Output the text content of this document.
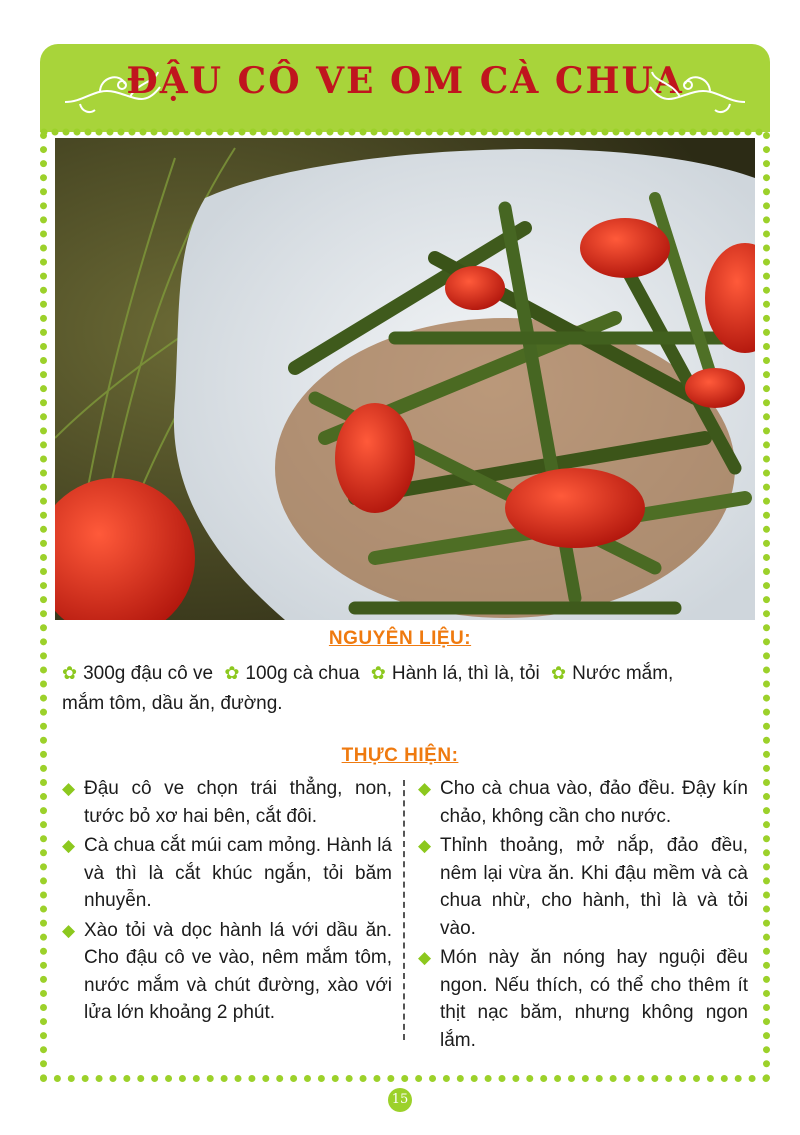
ĐẬU CÔ VE OM CÀ CHUA
NGUYÊN LIỆU:
✿ 300g đậu cô ve ✿ 100g cà chua ✿ Hành lá, thì là, tỏi ✿ Nước mắm,
mắm tôm, dầu ăn, đường.
THỰC HIỆN:
◆ Đậu cô ve chọn trái thẳng, non, tước bỏ xơ hai bên, cắt đôi.
◆ Cà chua cắt múi cam mỏng. Hành lá và thì là cắt khúc ngắn, tỏi băm nhuyễn.
◆ Xào tỏi và dọc hành lá với dầu ăn. Cho đậu cô ve vào, nêm mắm tôm, nước mắm và chút đường, xào với lửa lớn khoảng 2 phút.
◆ Cho cà chua vào, đảo đều. Đậy kín chảo, không cần cho nước.
◆ Thỉnh thoảng, mở nắp, đảo đều, nêm lại vừa ăn. Khi đậu mềm và cà chua nhừ, cho hành, thì là và tỏi vào.
◆ Món này ăn nóng hay nguội đều ngon. Nếu thích, có thể cho thêm ít thịt nạc băm, nhưng không ngon lắm.
15
